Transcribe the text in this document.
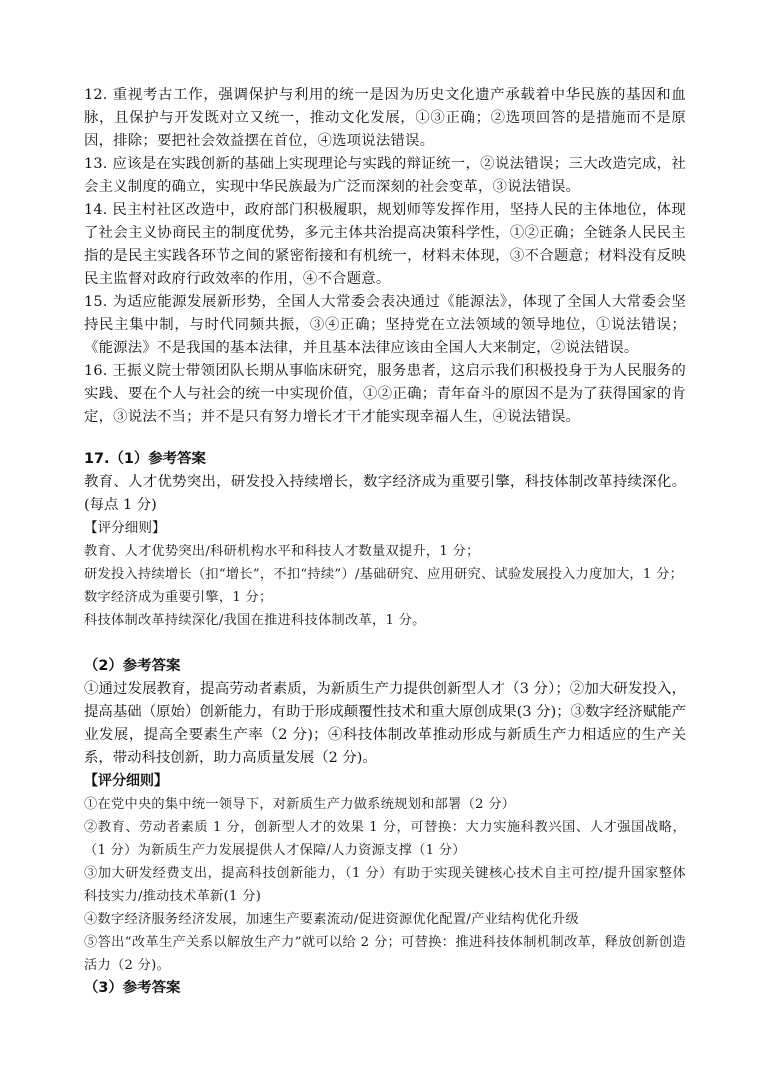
12. 重视考古工作，强调保护与利用的统一是因为历史文化遗产承载着中华民族的基因和血脉，且保护与开发既对立又统一，推动文化发展，①③正确；②选项回答的是措施而不是原因，排除；要把社会效益摆在首位，④选项说法错误。

13. 应该是在实践创新的基础上实现理论与实践的辩证统一，②说法错误；三大改造完成，社会主义制度的确立，实现中华民族最为广泛而深刻的社会变革，③说法错误。

14. 民主村社区改造中，政府部门积极履职，规划师等发挥作用，坚持人民的主体地位，体现了社会主义协商民主的制度优势，多元主体共治提高决策科学性，①②正确；全链条人民民主指的是民主实践各环节之间的紧密衔接和有机统一，材料未体现，③不合题意；材料没有反映民主监督对政府行政效率的作用，④不合题意。

15. 为适应能源发展新形势，全国人大常委会表决通过《能源法》，体现了全国人大常委会坚持民主集中制，与时代同频共振，③④正确；坚持党在立法领域的领导地位，①说法错误；《能源法》不是我国的基本法律，并且基本法律应该由全国人大来制定，②说法错误。

16. 王振义院士带领团队长期从事临床研究，服务患者，这启示我们积极投身于为人民服务的实践、要在个人与社会的统一中实现价值，①②正确；青年奋斗的原因不是为了获得国家的肯定，③说法不当；并不是只有努力增长才干才能实现幸福人生，④说法错误。

17.（1）参考答案

教育、人才优势突出，研发投入持续增长，数字经济成为重要引擎，科技体制改革持续深化。(每点 1 分)

【评分细则】

教育、人才优势突出/科研机构水平和科技人才数量双提升，1 分；

研发投入持续增长（扣“增长”，不扣“持续”）/基础研究、应用研究、试验发展投入力度加大，1 分；

数字经济成为重要引擎，1 分；

科技体制改革持续深化/我国在推进科技体制改革，1 分。

（2）参考答案

①通过发展教育，提高劳动者素质，为新质生产力提供创新型人才（3 分）；②加大研发投入，提高基础（原始）创新能力，有助于形成颠覆性技术和重大原创成果(3 分)；③数字经济赋能产业发展，提高全要素生产率（2 分)；④科技体制改革推动形成与新质生产力相适应的生产关系，带动科技创新，助力高质量发展（2 分)。

【评分细则】

①在党中央的集中统一领导下，对新质生产力做系统规划和部署（2 分）

②教育、劳动者素质 1 分，创新型人才的效果 1 分，可替换：大力实施科教兴国、人才强国战略，（1 分）为新质生产力发展提供人才保障/人力资源支撑（1 分）

③加大研发经费支出，提高科技创新能力，（1 分）有助于实现关键核心技术自主可控/提升国家整体科技实力/推动技术革新(1 分)

④数字经济服务经济发展，加速生产要素流动/促进资源优化配置/产业结构优化升级

⑤答出“改革生产关系以解放生产力”就可以给 2 分；可替换：推进科技体制机制改革，释放创新创造活力（2 分)。

（3）参考答案
